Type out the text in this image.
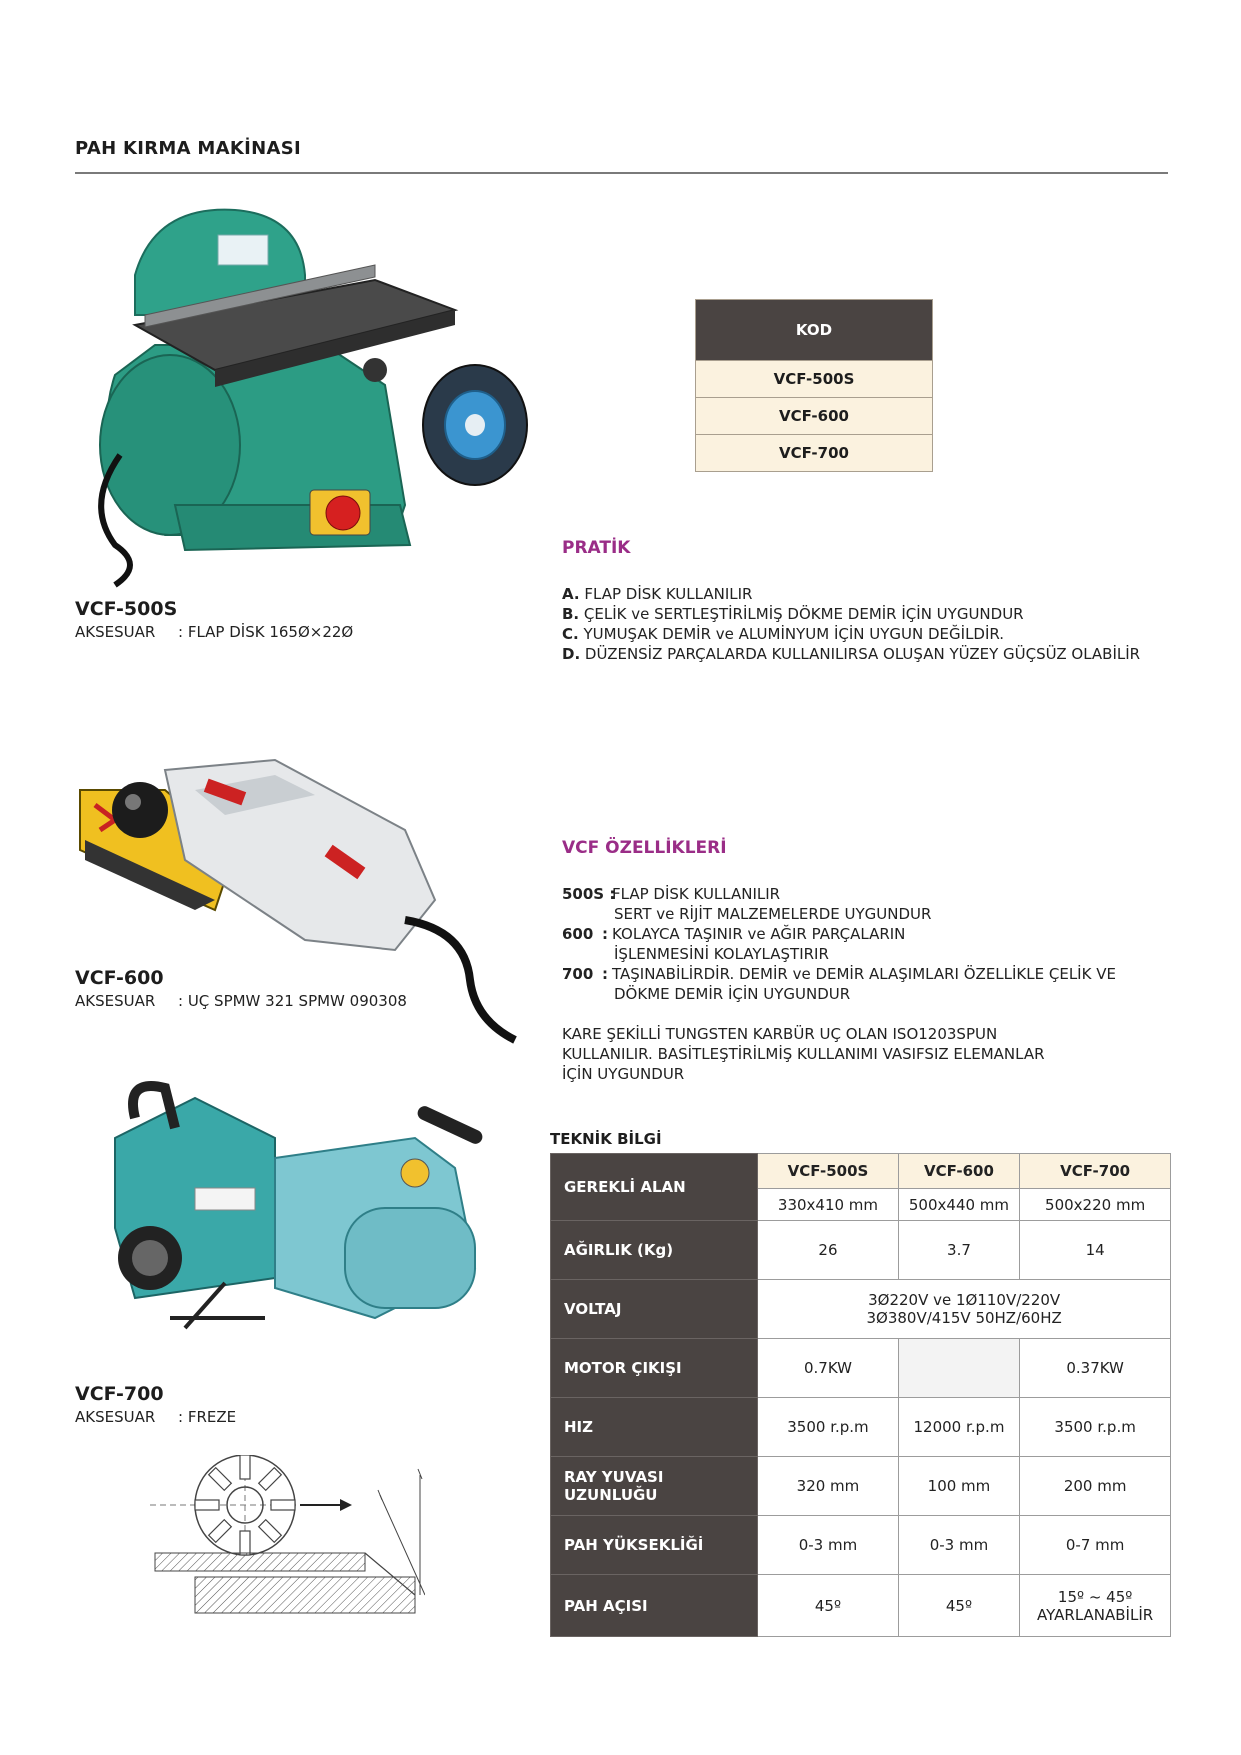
PAH KIRMA MAKİNASI
VCF-500S
AKSESUAR : FLAP DİSK 165Ø×22Ø
KOD
VCF-500S
VCF-600
VCF-700
PRATİK
A. FLAP DİSK KULLANILIR
B. ÇELİK ve SERTLEŞTİRİLMİŞ DÖKME DEMİR İÇİN UYGUNDUR
C. YUMUŞAK DEMİR ve ALUMİNYUM İÇİN UYGUN DEĞİLDİR.
D. DÜZENSİZ PARÇALARDA KULLANILIRSA OLUŞAN YÜZEY GÜÇSÜZ OLABİLİR
VCF-600
AKSESUAR : UÇ SPMW 321 SPMW 090308
VCF ÖZELLİKLERİ
500S :FLAP DİSK KULLANILIR
SERT ve RİJİT MALZEMELERDE UYGUNDUR
600 : KOLAYCA TAŞINIR ve AĞIR PARÇALARIN
İŞLENMESİNİ KOLAYLAŞTIRIR
700 : TAŞINABİLİRDİR. DEMİR ve DEMİR ALAŞIMLARI ÖZELLİKLE ÇELİK VE
DÖKME DEMİR İÇİN UYGUNDUR
KARE ŞEKİLLİ TUNGSTEN KARBÜR UÇ OLAN ISO1203SPUN
KULLANILIR. BASİTLEŞTİRİLMİŞ KULLANIMI VASIFSIZ ELEMANLAR
İÇİN UYGUNDUR
VCF-700
AKSESUAR : FREZE
TEKNİK BİLGİ
GEREKLİ ALAN	VCF-500S	VCF-600	VCF-700
	330x410 mm	500x440 mm	500x220 mm
AĞIRLIK (Kg)	26	3.7	14
VOLTAJ	3Ø220V ve 1Ø110V/220V
3Ø380V/415V 50HZ/60HZ		

MOTOR ÇIKIŞI	0.7KW		0.37KW
HIZ	3500 r.p.m	12000 r.p.m	3500 r.p.m
RAY YUVASI UZUNLUĞU	320 mm	100 mm	200 mm
PAH YÜKSEKLİĞİ	0-3 mm	0-3 mm	0-7 mm
PAH AÇISI	45º	45º	15º ~ 45º
AYARLANABİLİR
